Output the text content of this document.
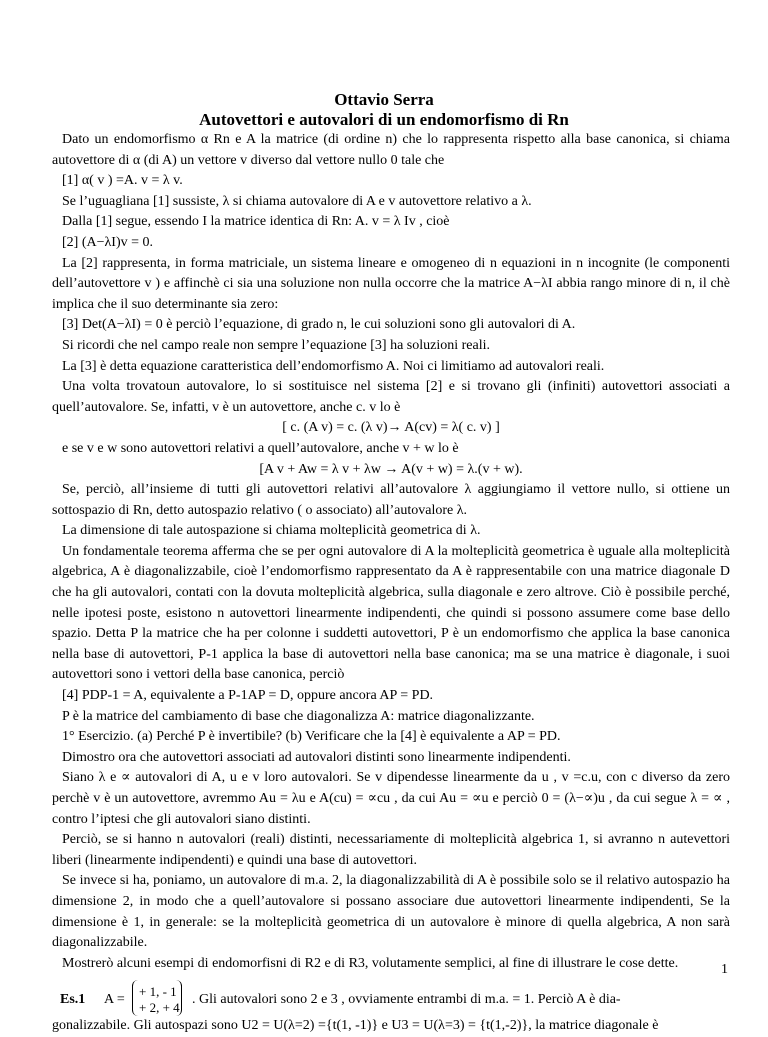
Ottavio Serra
Autovettori e autovalori di un endomorfismo di Rn

Dato un endomorfismo α Rn e A la matrice (di ordine n) che lo rappresenta rispetto alla base canonica, si chiama autovettore di α (di A) un vettore v diverso dal vettore nullo 0 tale che

[1] α( v ) =A. v = λ v.

Se l’uguagliana [1] sussiste, λ si chiama autovalore di A e v autovettore relativo a λ.

Dalla [1] segue, essendo I la matrice identica di Rn: A. v = λ Iv , cioè

[2] (A−λI)v = 0.

La [2] rappresenta, in forma matriciale, un sistema lineare e omogeneo di n equazioni in n incognite (le componenti dell’autovettore v ) e affinchè ci sia una soluzione non nulla occorre che la matrice A−λI abbia rango minore di n, il chè implica che il suo determinante sia zero:

[3] Det(A−λI) = 0 è perciò l’equazione, di grado n, le cui soluzioni sono gli autovalori di A.

Si ricordi che nel campo reale non sempre l’equazione [3] ha soluzioni reali.

La [3] è detta equazione caratteristica dell’endomorfismo A. Noi ci limitiamo ad autovalori reali.

Una volta trovatoun autovalore, lo si sostituisce nel sistema [2] e si trovano gli (infiniti) autovettori associati a quell’autovalore. Se, infatti, v è un autovettore, anche c. v lo è

[ c. (A v) = c. (λ v)→ A(cv) = λ( c. v) ]

e se v e w sono autovettori relativi a quell’autovalore, anche v + w lo è

[A v + Aw = λ v + λw → A(v + w) = λ.(v + w).

Se, perciò, all’insieme di tutti gli autovettori relativi all’autovalore λ aggiungiamo il vettore nullo, si ottiene un sottospazio di Rn, detto autospazio relativo ( o associato) all’autovalore λ.

La dimensione di tale autospazione si chiama molteplicità geometrica di λ.

Un fondamentale teorema afferma che se per ogni autovalore di A la molteplicità geometrica è uguale alla molteplicità algebrica, A è diagonalizzabile, cioè l’endomorfismo rappresentato da A è rappresentabile con una matrice diagonale D che ha gli autovalori, contati con la dovuta molteplicità algebrica, sulla diagonale e zero altrove. Ciò è possibile perché, nelle ipotesi poste, esistono n autovettori linearmente indipendenti, che quindi si possono assumere come base dello spazio. Detta P la matrice che ha per colonne i suddetti autovettori, P è un endomorfismo che applica la base canonica nella base di autovettori, P-1 applica la base di autovettori nella base canonica; ma se una matrice è diagonale, i suoi autovettori sono i vettori della base canonica, perciò

[4] PDP-1 = A, equivalente a P-1AP = D, oppure ancora AP = PD.

P è la matrice del cambiamento di base che diagonalizza A: matrice diagonalizzante.

1° Esercizio. (a) Perché P è invertibile? (b) Verificare che la [4] è equivalente a AP = PD.

Dimostro ora che autovettori associati ad autovalori distinti sono linearmente indipendenti.

Siano λ e ∝ autovalori di A, u e v loro autovalori. Se v dipendesse linearmente da u , v =c.u, con c diverso da zero perchè v è un autovettore, avremmo Au = λu e A(cu) = ∝cu , da cui Au = ∝u e perciò 0 = (λ−∝)u , da cui segue λ = ∝ , contro l’iptesi che gli autovalori siano distinti.

Perciò, se si hanno n autovalori (reali) distinti, necessariamente di molteplicità algebrica 1, si avranno n autevettori liberi (linearmente indipendenti) e quindi una base di autovettori.

Se invece si ha, poniamo, un autovalore di m.a. 2, la diagonalizzabilità di A è possibile solo se il relativo autospazio ha dimensione 2, in modo che a quell’autovalore si possano associare due autovettori linearmente indipendenti, Se la dimensione è 1, in generale: se la molteplicità geometrica di un autovalore è minore di quella algebrica, A non sarà diagonalizzabile.

Mostrerò alcuni esempi di endomorfisni di R2 e di R3, volutamente semplici, al fine di illustrare le cose dette.

Es.1 A =
+ 1, - 1
+ 2, + 4
. Gli autovalori sono 2 e 3 , ovviamente entrambi di m.a. = 1. Perciò A è dia-

gonalizzabile. Gli autospazi sono U2 = U(λ=2) ={t(1, -1)} e U3 = U(λ=3) = {t(1,-2)}, la matrice diagonale è

1
